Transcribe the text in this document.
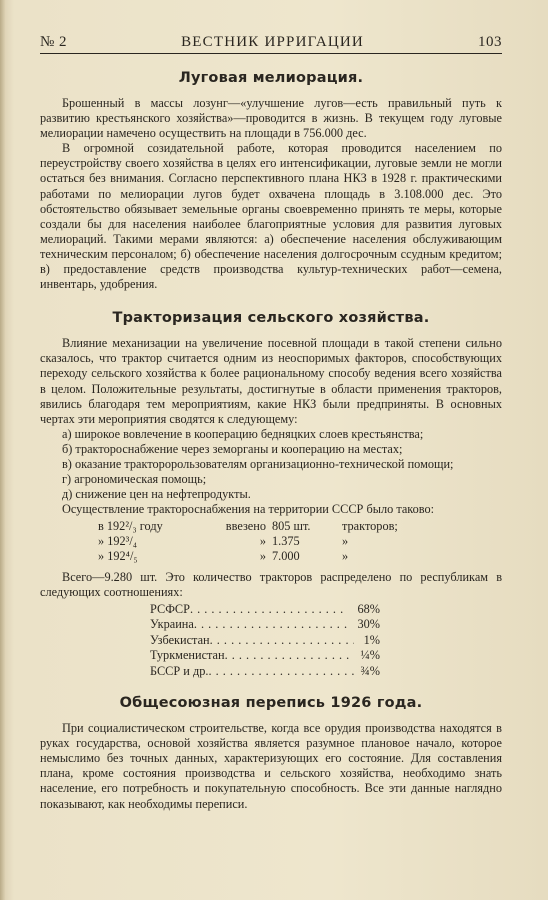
№ 2	ВЕСТНИК ИРРИГАЦИИ	103
Луговая мелиорация.

Брошенный в массы лозунг—«улучшение лугов—есть правильный путь к развитию крестьянского хозяйства»—проводится в жизнь. В текущем году луговые мелиорации намечено осуществить на площади в 756.000 дес.

В огромной созидательной работе, которая проводится населением по переустройству своего хозяйства в целях его интенсификации, луговые земли не могли остаться без внимания. Согласно перспективного плана НКЗ в 1928 г. практическими работами по мелиорации лугов будет охвачена площадь в 3.108.000 дес. Это обстоятельство обязывает земельные органы своевременно принять те меры, которые создали бы для населения наиболее благоприятные условия для развития луговых мелиораций. Такими мерами являются: а) обеспечение населения обслуживающим техническим персоналом; б) обеспечение населения долгосрочным ссудным кредитом; в) предоставление средств производства культур-технических работ—семена, инвентарь, удобрения.

Тракторизация сельского хозяйства.

Влияние механизации на увеличение посевной площади в такой степени сильно сказалось, что трактор считается одним из неоспоримых факторов, способствующих переходу сельского хозяйства к более рациональному способу ведения всего хозяйства в целом. Положительные результаты, достигнутые в области применения тракторов, явились благодаря тем мероприятиям, какие НКЗ были предприняты. В основных чертах эти мероприятия сводятся к следующему:

а) широкое вовлечение в кооперацию бедняцких слоев крестьянства;

б) трактороснабжение через земорганы и кооперацию на местах;

в) оказание трактоpopользователям организационно-технической помощи;

г) агрономическая помощь;

д) снижение цен на нефтепродукты.

Осуществление трактороснабжения на территории СССР было таково:

в 192²/₃ году	ввезено 805 шт.	тракторов;
» 192³/₄	» 1.375	»
» 192⁴/₅	» 7.000	»

Всего—9.280 шт. Это количество тракторов распределено по республикам в следующих соотношениях:

РСФСР . . .	68%
Украина . . .	30%
Узбекистан . . .	1%
Туркменистан . . .	¼%
БССР и др. . . .	¾%
Общесоюзная перепись 1926 года.

При социалистическом строительстве, когда все орудия производства находятся в руках государства, основой хозяйства является разумное плановое начало, которое немыслимо без точных данных, характеризующих его состояние. Для составления плана, кроме состояния производства и сельского хозяйства, необходимо знать население, его потребность и покупательную способность. Все эти данные наглядно показывают, как необходимы переписи.
